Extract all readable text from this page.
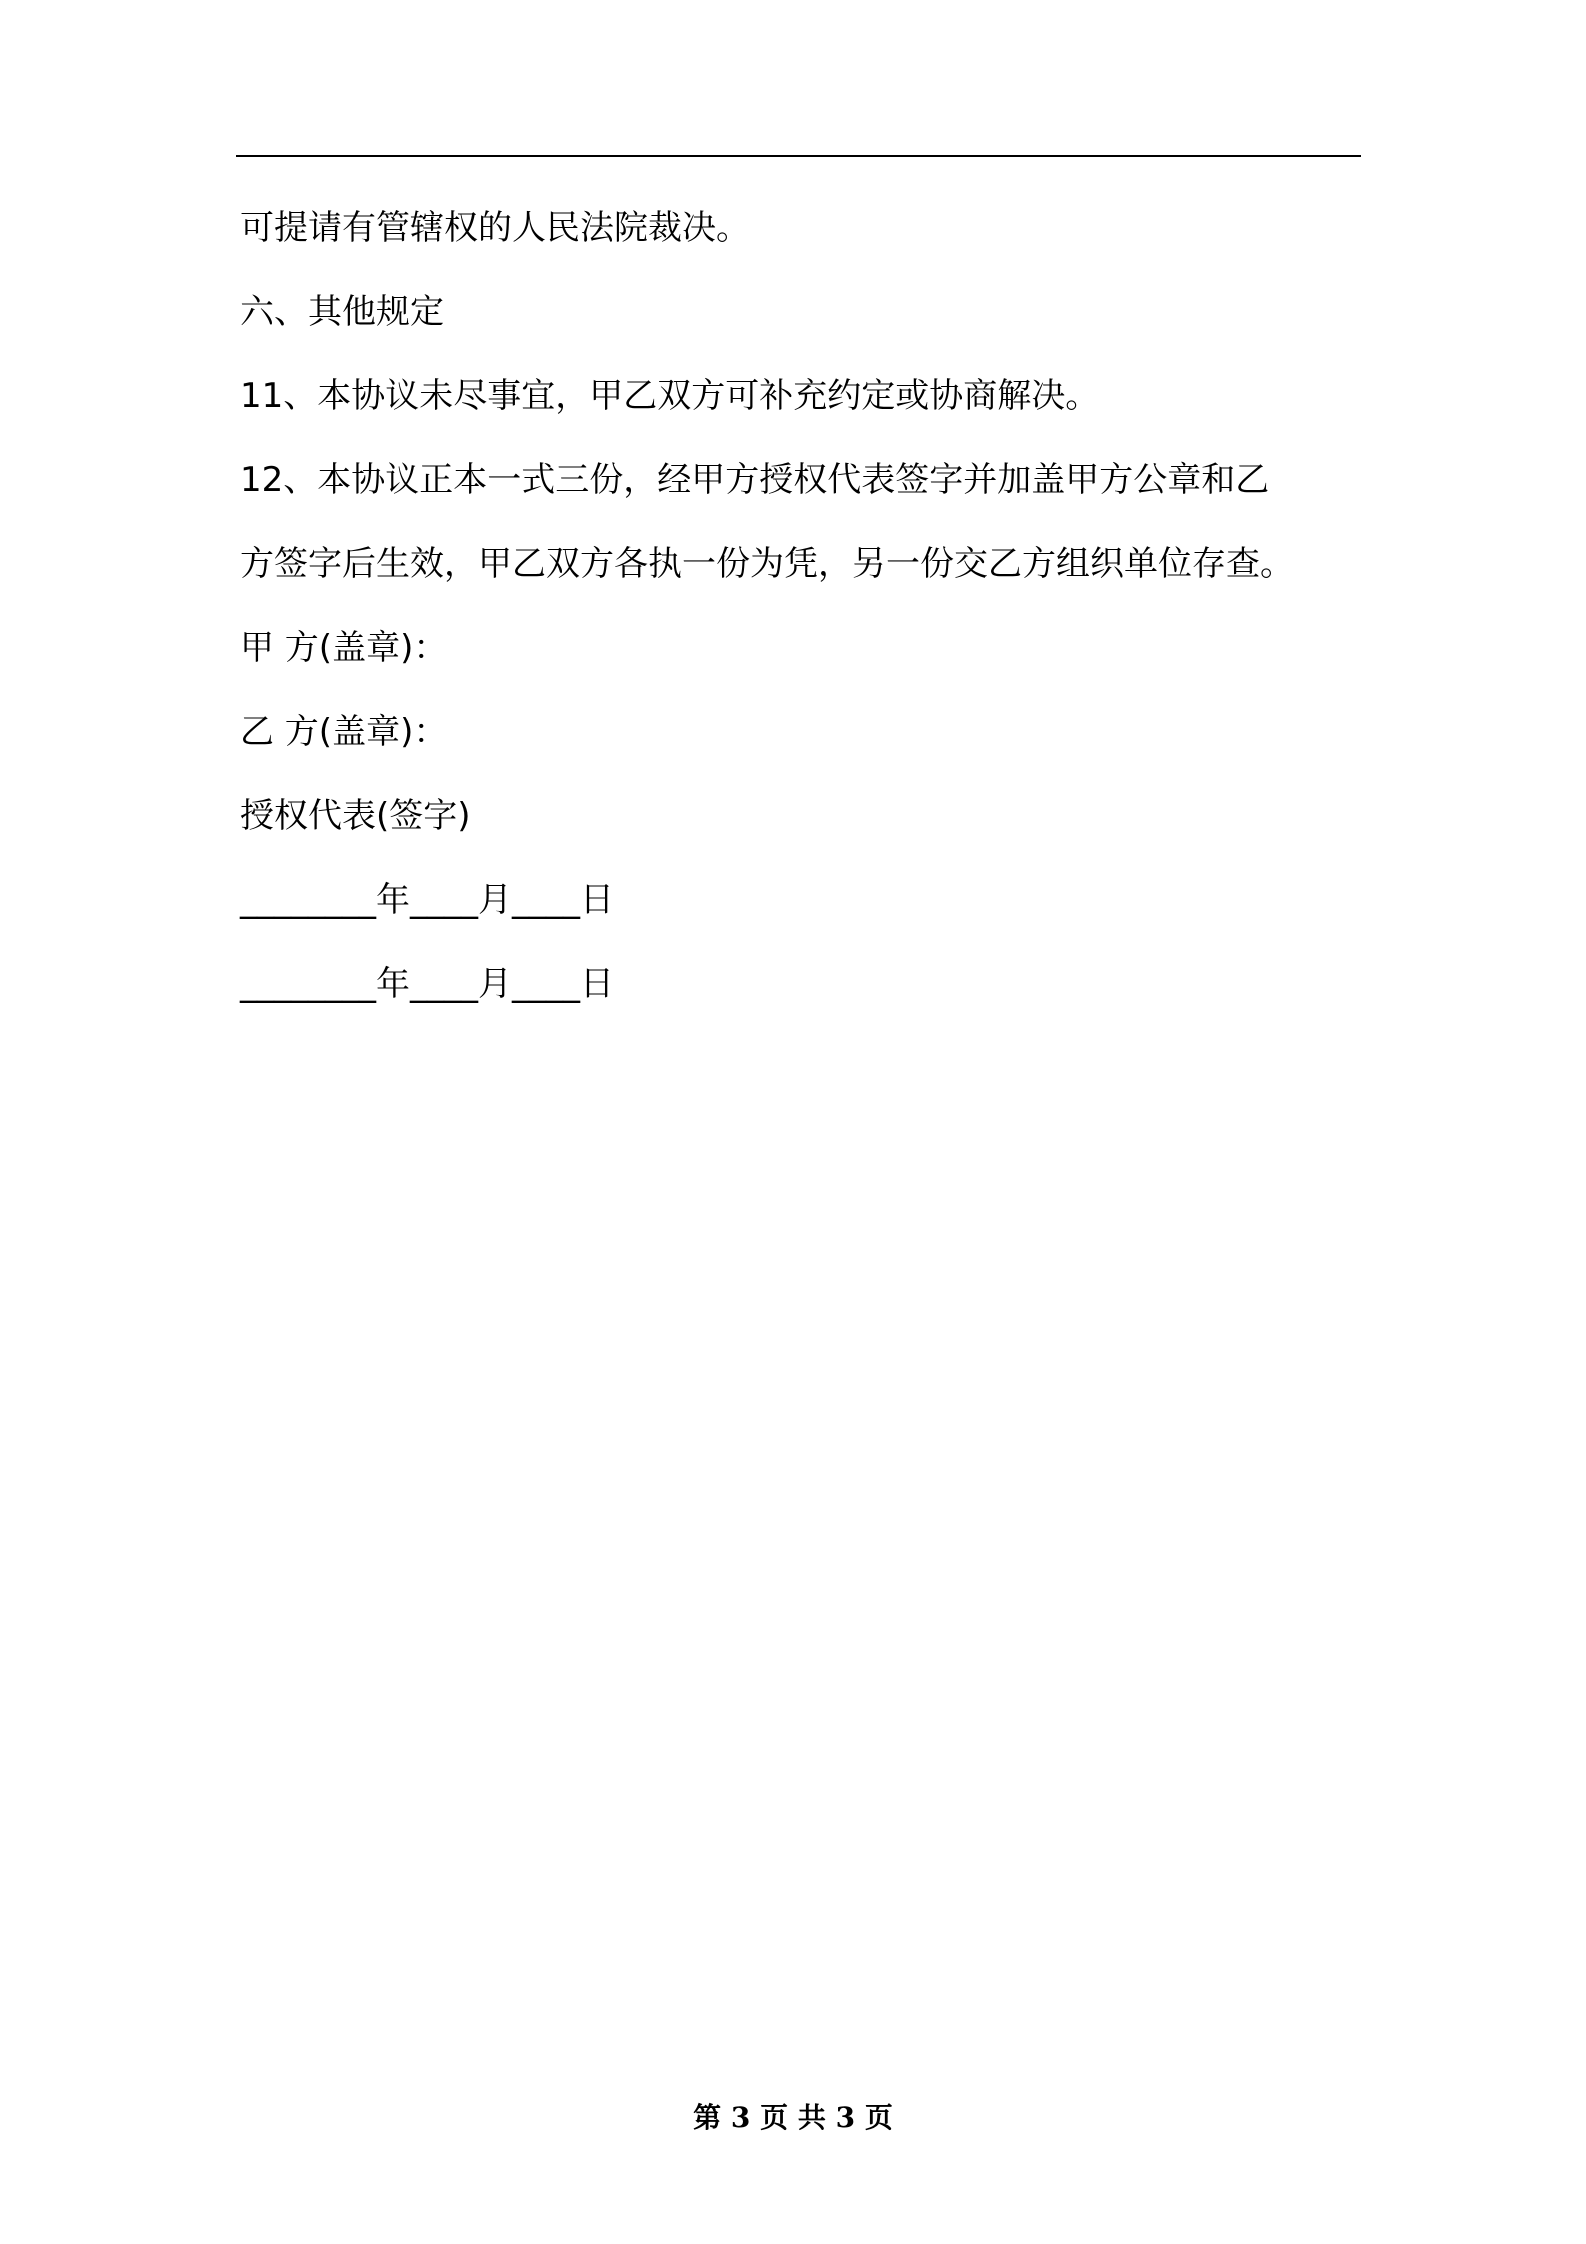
可提请有管辖权的人民法院裁决。
六、其他规定
11、本协议未尽事宜，甲乙双方可补充约定或协商解决。
12、本协议正本一式三份，经甲方授权代表签字并加盖甲方公章和乙
方签字后生效，甲乙双方各执一份为凭，另一份交乙方组织单位存查。
甲 方(盖章)：
乙 方(盖章)：
授权代表(签字)
________年____月____日
________年____月____日
第 3 页 共 3 页
